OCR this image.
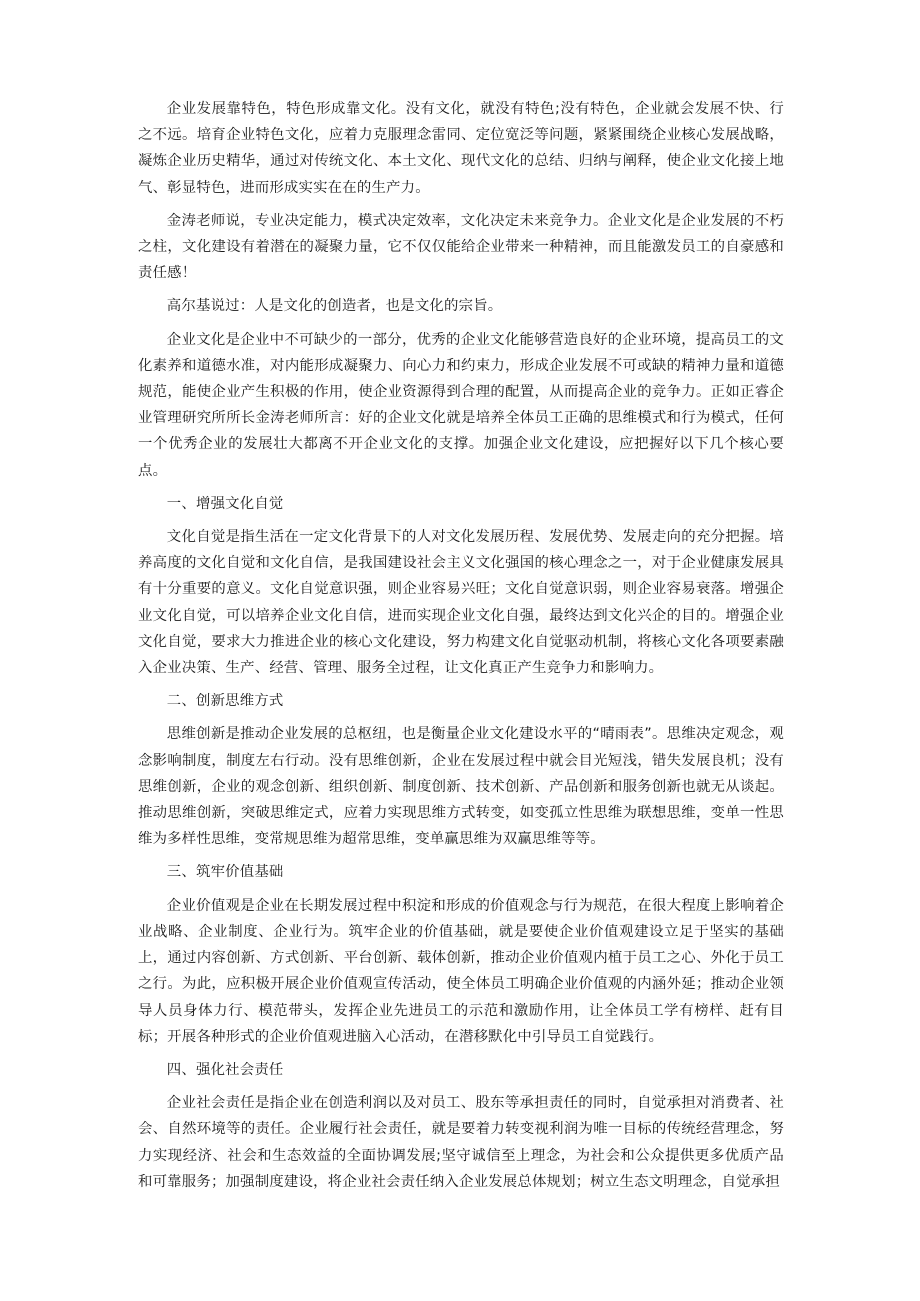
企业发展靠特色，特色形成靠文化。没有文化，就没有特色;没有特色，企业就会发展不快、行之不远。培育企业特色文化，应着力克服理念雷同、定位宽泛等问题，紧紧围绕企业核心发展战略，凝炼企业历史精华，通过对传统文化、本土文化、现代文化的总结、归纳与阐释，使企业文化接上地气、彰显特色，进而形成实实在在的生产力。

金涛老师说，专业决定能力，模式决定效率，文化决定未来竞争力。企业文化是企业发展的不朽之柱，文化建设有着潜在的凝聚力量，它不仅仅能给企业带来一种精神，而且能激发员工的自豪感和责任感！

高尔基说过：人是文化的创造者，也是文化的宗旨。

企业文化是企业中不可缺少的一部分，优秀的企业文化能够营造良好的企业环境，提高员工的文化素养和道德水准，对内能形成凝聚力、向心力和约束力，形成企业发展不可或缺的精神力量和道德规范，能使企业产生积极的作用，使企业资源得到合理的配置，从而提高企业的竞争力。正如正睿企业管理研究所所长金涛老师所言：好的企业文化就是培养全体员工正确的思维模式和行为模式，任何一个优秀企业的发展壮大都离不开企业文化的支撑。加强企业文化建设，应把握好以下几个核心要点。

一、增强文化自觉

文化自觉是指生活在一定文化背景下的人对文化发展历程、发展优势、发展走向的充分把握。培养高度的文化自觉和文化自信，是我国建设社会主义文化强国的核心理念之一，对于企业健康发展具有十分重要的意义。文化自觉意识强，则企业容易兴旺；文化自觉意识弱，则企业容易衰落。增强企业文化自觉，可以培养企业文化自信，进而实现企业文化自强，最终达到文化兴企的目的。增强企业文化自觉，要求大力推进企业的核心文化建设，努力构建文化自觉驱动机制，将核心文化各项要素融入企业决策、生产、经营、管理、服务全过程，让文化真正产生竞争力和影响力。

二、创新思维方式

思维创新是推动企业发展的总枢纽，也是衡量企业文化建设水平的“晴雨表”。思维决定观念，观念影响制度，制度左右行动。没有思维创新，企业在发展过程中就会目光短浅，错失发展良机；没有思维创新，企业的观念创新、组织创新、制度创新、技术创新、产品创新和服务创新也就无从谈起。推动思维创新，突破思维定式，应着力实现思维方式转变，如变孤立性思维为联想思维，变单一性思维为多样性思维，变常规思维为超常思维，变单赢思维为双赢思维等等。

三、筑牢价值基础

企业价值观是企业在长期发展过程中积淀和形成的价值观念与行为规范，在很大程度上影响着企业战略、企业制度、企业行为。筑牢企业的价值基础，就是要使企业价值观建设立足于坚实的基础上，通过内容创新、方式创新、平台创新、载体创新，推动企业价值观内植于员工之心、外化于员工之行。为此，应积极开展企业价值观宣传活动，使全体员工明确企业价值观的内涵外延；推动企业领导人员身体力行、模范带头，发挥企业先进员工的示范和激励作用，让全体员工学有榜样、赶有目标；开展各种形式的企业价值观进脑入心活动，在潜移默化中引导员工自觉践行。

四、强化社会责任

企业社会责任是指企业在创造利润以及对员工、股东等承担责任的同时，自觉承担对消费者、社会、自然环境等的责任。企业履行社会责任，就是要着力转变视利润为唯一目标的传统经营理念，努力实现经济、社会和生态效益的全面协调发展;坚守诚信至上理念，为社会和公众提供更多优质产品和可靠服务；加强制度建设，将企业社会责任纳入企业发展总体规划；树立生态文明理念，自觉承担
